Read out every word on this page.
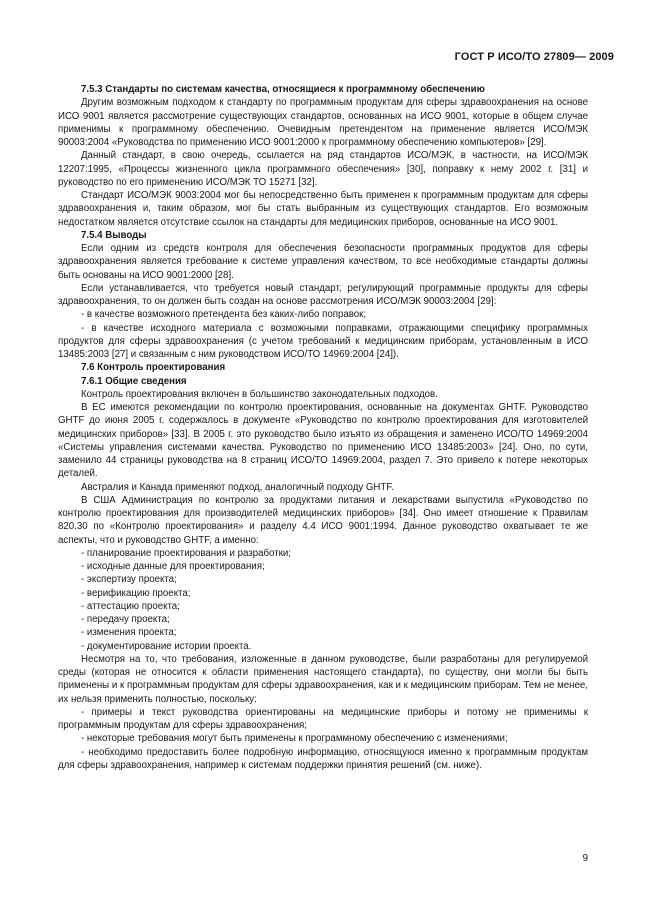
ГОСТ Р ИСО/ТО 27809— 2009

7.5.3 Стандарты по системам качества, относящиеся к программному обеспечению

Другим возможным подходом к стандарту по программным продуктам для сферы здравоохранения на основе ИСО 9001 является рассмотрение существующих стандартов, основанных на ИСО 9001, которые в общем случае применимы к программному обеспечению. Очевидным претендентом на применение является ИСО/МЭК 90003:2004 «Руководства по применению ИСО 9001:2000 к программному обеспечению компьютеров» [29].

Данный стандарт, в свою очередь, ссылается на ряд стандартов ИСО/МЭК, в частности, на ИСО/МЭК 12207:1995, «Процессы жизненного цикла программного обеспечения» [30], поправку к нему 2002 г. [31] и руководство по его применению ИСО/МЭК ТО 15271 [32].

Стандарт ИСО/МЭК 9003:2004 мог бы непосредственно быть применен к программным продуктам для сферы здравоохранения и, таким образом, мог бы стать выбранным из существующих стандартов. Его возможным недостатком является отсутствие ссылок на стандарты для медицинских приборов, основанные на ИСО 9001.

7.5.4 Выводы

Если одним из средств контроля для обеспечения безопасности программных продуктов для сферы здравоохранения является требование к системе управления качеством, то все необходимые стандарты должны быть основаны на ИСО 9001:2000 [28].

Если устанавливается, что требуется новый стандарт, регулирующий программные продукты для сферы здравоохранения, то он должен быть создан на основе рассмотрения ИСО/МЭК 90003:2004 [29]:

- в качестве возможного претендента без каких-либо поправок;

- в качестве исходного материала с возможными поправками, отражающими специфику программных продуктов для сферы здравоохранения (с учетом требований к медицинским приборам, установленным в ИСО 13485:2003 [27] и связанным с ним руководством ИСО/ТО 14969:2004 [24]).

7.6 Контроль проектирования

7.6.1 Общие сведения

Контроль проектирования включен в большинство законодательных подходов.

В ЕС имеются рекомендации по контролю проектирования, основанные на документах GHTF. Руководство GHTF до июня 2005 г. содержалось в документе «Руководство по контролю проектирования для изготовителей медицинских приборов» [33]. В 2005 г. это руководство было изъято из обращения и заменено ИСО/ТО 14969:2004 «Системы управления системами качества. Руководство по применению ИСО 13485:2003» [24]. Оно, по сути, заменило 44 страницы руководства на 8 страниц ИСО/ТО 14969:2004, раздел 7. Это привело к потере некоторых деталей.

Австралия и Канада применяют подход, аналогичный подходу GHTF.

В США Администрация по контролю за продуктами питания и лекарствами выпустила «Руководство по контролю проектирования для производителей медицинских приборов» [34]. Оно имеет отношение к Правилам 820.30 по «Контролю проектирования» и разделу 4.4 ИСО 9001:1994. Данное руководство охватывает те же аспекты, что и руководство GHTF, а именно:

- планирование проектирования и разработки;

- исходные данные для проектирования;

- экспертизу проекта;

- верификацию проекта;

- аттестацию проекта;

- передачу проекта;

- изменения проекта;

- документирование истории проекта.

Несмотря на то, что требования, изложенные в данном руководстве, были разработаны для регулируемой среды (которая не относится к области применения настоящего стандарта), по существу, они могли бы быть применены и к программным продуктам для сферы здравоохранения, как и к медицинским приборам. Тем не менее, их нельзя применить полностью, поскольку:

- примеры и текст руководства ориентированы на медицинские приборы и потому не применимы к программным продуктам для сферы здравоохранения;

- некоторые требования могут быть применены к программному обеспечению с изменениями;

- необходимо предоставить более подробную информацию, относящуюся именно к программным продуктам для сферы здравоохранения, например к системам поддержки принятия решений (см. ниже).

9
